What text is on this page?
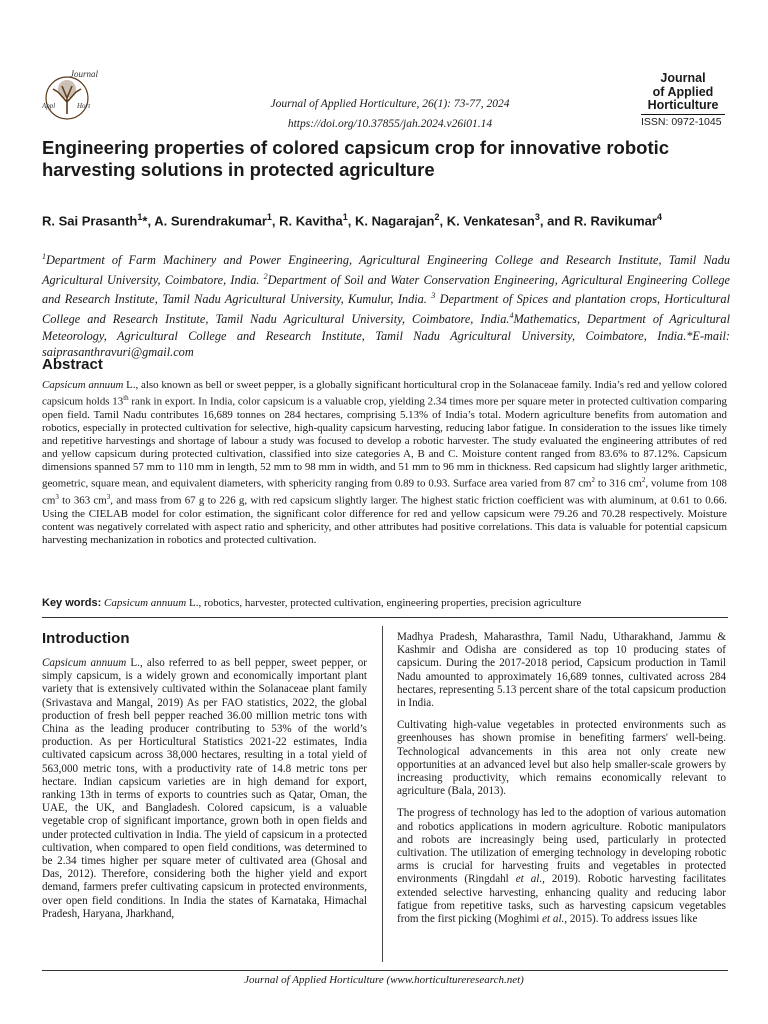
Journal
Appl	Hort	Journal of Applied Horticulture, 26(1): 73-77, 2024
https://doi.org/10.37855/jah.2024.v26i01.14
Journal
of Applied
Horticulture
ISSN: 0972-1045
Engineering properties of colored capsicum crop for innovative robotic harvesting solutions in protected agriculture
R. Sai Prasanth$^1$*, A. Surendrakumar$^1$, R. Kavitha$^1$, K. Nagarajan$^2$, K. Venkatesan$^3$, and R. Ravikumar$^4$
$^1$Department of Farm Machinery and Power Engineering, Agricultural Engineering College and Research Institute, Tamil Nadu Agricultural University, Coimbatore, India. $^2$Department of Soil and Water Conservation Engineering, Agricultural Engineering College and Research Institute, Tamil Nadu Agricultural University, Kumulur, India. $^3$ Department of Spices and plantation crops, Horticultural College and Research Institute, Tamil Nadu Agricultural University, Coimbatore, India.$^4$Mathematics, Department of Agricultural Meteorology, Agricultural College and Research Institute, Tamil Nadu Agricultural University, Coimbatore, India.*E-mail: saiprasanthravuri@gmail.com
Abstract
Capsicum annuum L., also known as bell or sweet pepper, is a globally significant horticultural crop in the Solanaceae family. India’s red and yellow colored capsicum holds 13th rank in export. In India, color capsicum is a valuable crop, yielding 2.34 times more per square meter in protected cultivation comparing open field. Tamil Nadu contributes 16,689 tonnes on 284 hectares, comprising 5.13% of India’s total. Modern agriculture benefits from automation and robotics, especially in protected cultivation for selective, high-quality capsicum harvesting, reducing labor fatigue. In consideration to the issues like timely and repetitive harvestings and shortage of labour a study was focused to develop a robotic harvester. The study evaluated the engineering attributes of red and yellow capsicum during protected cultivation, classified into size categories A, B and C. Moisture content ranged from 83.6% to 87.12%. Capsicum dimensions spanned 57 mm to 110 mm in length, 52 mm to 98 mm in width, and 51 mm to 96 mm in thickness. Red capsicum had slightly larger arithmetic, geometric, square mean, and equivalent diameters, with sphericity ranging from 0.89 to 0.93. Surface area varied from 87 $cm^2$ to 316 $cm^2$, volume from 108 $cm^3$ to 363 $cm^3$, and mass from 67 g to 226 g, with red capsicum slightly larger. The highest static friction coefficient was with aluminum, at 0.61 to 0.66. Using the CIELAB model for color estimation, the significant color difference for red and yellow capsicum were 79.26 and 70.28 respectively. Moisture content was negatively correlated with aspect ratio and sphericity, and other attributes had positive correlations. This data is valuable for potential capsicum harvesting mechanization in robotics and protected cultivation.
Key words: Capsicum annuum L., robotics, harvester, protected cultivation, engineering properties, precision agriculture
Introduction

Capsicum annuum L., also referred to as bell pepper, sweet pepper, or simply capsicum, is a widely grown and economically important plant variety that is extensively cultivated within the Solanaceae plant family (Srivastava and Mangal, 2019) As per FAO statistics, 2022, the global production of fresh bell pepper reached 36.00 million metric tons with China as the leading producer contributing to 53% of the world’s production. As per Horticultural Statistics 2021-22 estimates, India cultivated capsicum across 38,000 hectares, resulting in a total yield of 563,000 metric tons, with a productivity rate of 14.8 metric tons per hectare. Indian capsicum varieties are in high demand for export, ranking 13th in terms of exports to countries such as Qatar, Oman, the UAE, the UK, and Bangladesh. Colored capsicum, is a valuable vegetable crop of significant importance, grown both in open fields and under protected cultivation in India. The yield of capsicum in a protected cultivation, when compared to open field conditions, was determined to be 2.34 times higher per square meter of cultivated area (Ghosal and Das, 2012). Therefore, considering both the higher yield and export demand, farmers prefer cultivating capsicum in protected environments, over open field conditions. In India the states of Karnataka, Himachal Pradesh, Haryana, Jharkhand,

Madhya Pradesh, Maharasthra, Tamil Nadu, Utharakhand, Jammu & Kashmir and Odisha are considered as top 10 producing states of capsicum. During the 2017-2018 period, Capsicum production in Tamil Nadu amounted to approximately 16,689 tonnes, cultivated across 284 hectares, representing 5.13 percent share of the total capsicum production in India.

Cultivating high-value vegetables in protected environments such as greenhouses has shown promise in benefiting farmers' well-being. Technological advancements in this area not only create new opportunities at an advanced level but also help smaller-scale growers by increasing productivity, which remains economically relevant to agriculture (Bala, 2013).

The progress of technology has led to the adoption of various automation and robotics applications in modern agriculture. Robotic manipulators and robots are increasingly being used, particularly in protected cultivation. The utilization of emerging technology in developing robotic arms is crucial for harvesting fruits and vegetables in protected environments (Ringdahl et al., 2019). Robotic harvesting facilitates extended selective harvesting, enhancing quality and reducing labor fatigue from repetitive tasks, such as harvesting capsicum vegetables from the first picking (Moghimi et al., 2015). To address issues like

Journal of Applied Horticulture (www.horticultureresearch.net)
